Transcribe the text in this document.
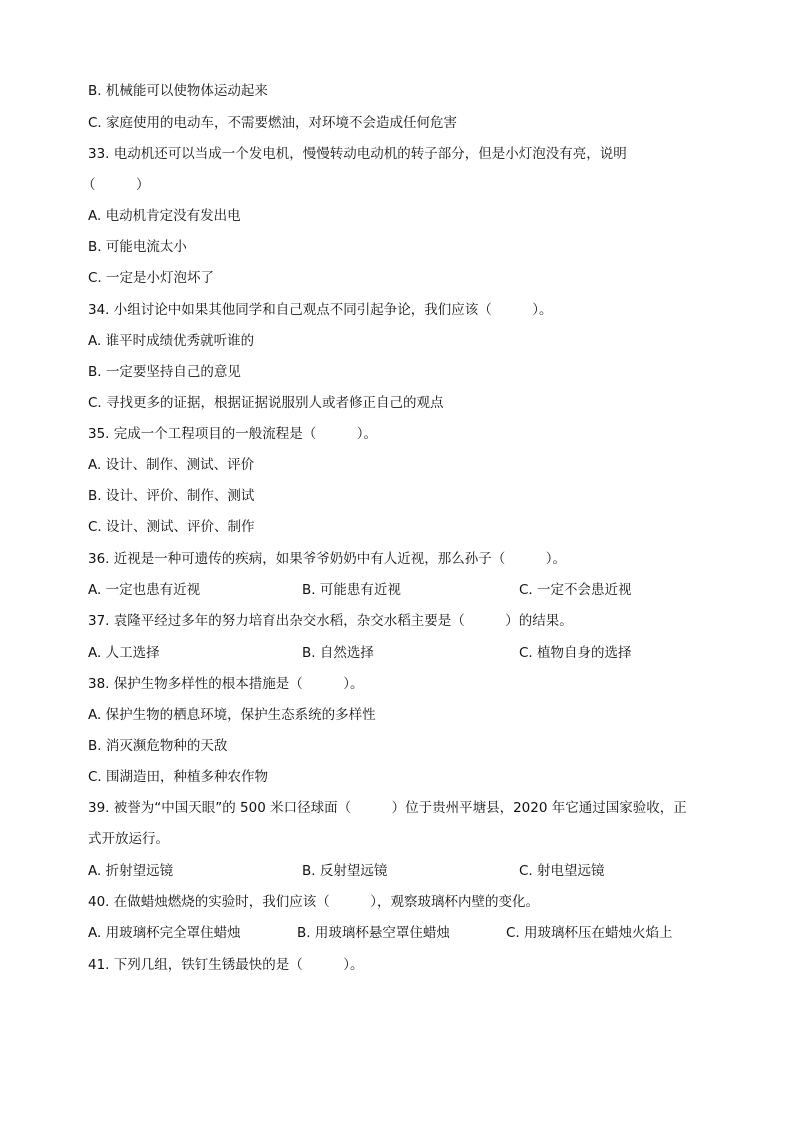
B. 机械能可以使物体运动起来
C. 家庭使用的电动车，不需要燃油，对环境不会造成任何危害
33. 电动机还可以当成一个发电机，慢慢转动电动机的转子部分，但是小灯泡没有亮，说明
（　　　）
A. 电动机肯定没有发出电
B. 可能电流太小
C. 一定是小灯泡坏了
34. 小组讨论中如果其他同学和自己观点不同引起争论，我们应该（　　　）。
A. 谁平时成绩优秀就听谁的
B. 一定要坚持自己的意见
C. 寻找更多的证据，根据证据说服别人或者修正自己的观点
35. 完成一个工程项目的一般流程是（　　　）。
A. 设计、制作、测试、评价
B. 设计、评价、制作、测试
C. 设计、测试、评价、制作
36. 近视是一种可遗传的疾病，如果爷爷奶奶中有人近视，那么孙子（　　　）。
A. 一定也患有近视	B. 可能患有近视	C. 一定不会患近视
37. 袁隆平经过多年的努力培育出杂交水稻，杂交水稻主要是（　　　）的结果。
A. 人工选择	B. 自然选择	C. 植物自身的选择
38. 保护生物多样性的根本措施是（　　　）。
A. 保护生物的栖息环境，保护生态系统的多样性
B. 消灭濒危物种的天敌
C. 围湖造田，种植多种农作物
39. 被誉为“中国天眼”的 500 米口径球面（　　　）位于贵州平塘县，2020 年它通过国家验收，正
式开放运行。
A. 折射望远镜	B. 反射望远镜	C. 射电望远镜
40. 在做蜡烛燃烧的实验时，我们应该（　　　），观察玻璃杯内壁的变化。
A. 用玻璃杯完全罩住蜡烛	B. 用玻璃杯悬空罩住蜡烛	C. 用玻璃杯压在蜡烛火焰上
41. 下列几组，铁钉生锈最快的是（　　　）。
